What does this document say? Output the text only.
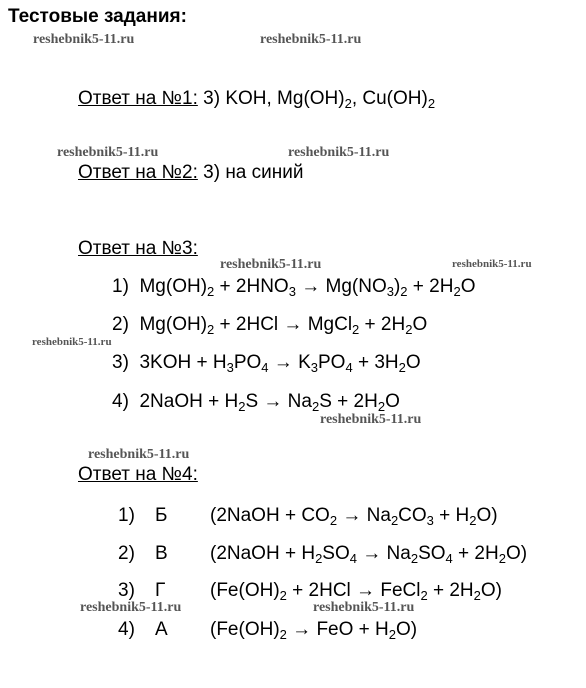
Тестовые задания:
reshebnik5-11.ru	reshebnik5-11.ru
reshebnik5-11.ru	reshebnik5-11.ru
reshebnik5-11.ru	reshebnik5-11.ru
reshebnik5-11.ru
reshebnik5-11.ru
reshebnik5-11.ru
reshebnik5-11.ru	reshebnik5-11.ru
Ответ на №1: 3) KOH, $Mg(OH)_2$, $Cu(OH)_2$
Ответ на №2: 3) на синий
Ответ на №3:
1) $Mg(OH)_2 + 2HNO_3 \to Mg(NO_3)_2 + 2H_2O$
2) $Mg(OH)_2 + 2HCl$ → MgCl$_2$ + $2H_2O$
3) $3KOH + H_3PO_4 \to K_3PO_4 + 3H_2O$
4) 2NaOH + $H_2S \to Na_2S + 2H_2O$
Ответ на №4:
1) Б (2NaOH + $CO_2 \to Na_2CO_3 + H_2O$)
2) В (2NaOH + $H_2SO_4 \to Na_2SO_4 + 2H_2O$)
3) Г ($Fe(OH)_2 + 2HCl$ → FeCl$_2$ + $2H_2O$)
4) А ($Fe(OH)_2$ → FeO + $H_2O$)
